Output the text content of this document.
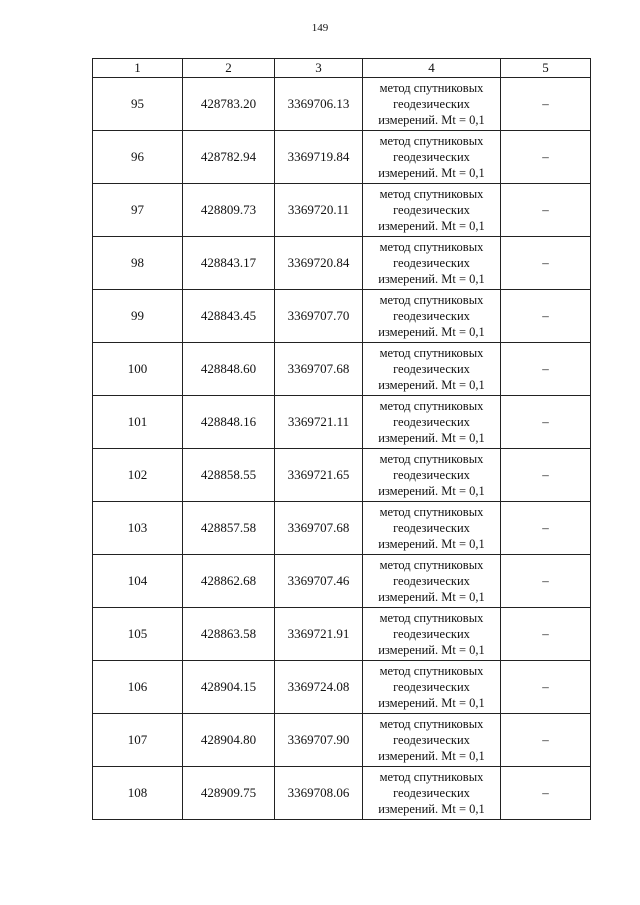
149
1	2	3	4	5
95	428783.20	3369706.13	метод спутниковых
геодезических
измерений. Mt = 0,1	–
96	428782.94	3369719.84	метод спутниковых
геодезических
измерений. Mt = 0,1	–
97	428809.73	3369720.11	метод спутниковых
геодезических
измерений. Mt = 0,1	–
98	428843.17	3369720.84	метод спутниковых
геодезических
измерений. Mt = 0,1	–
99	428843.45	3369707.70	метод спутниковых
геодезических
измерений. Mt = 0,1	–
100	428848.60	3369707.68	метод спутниковых
геодезических
измерений. Mt = 0,1	–
101	428848.16	3369721.11	метод спутниковых
геодезических
измерений. Mt = 0,1	–
102	428858.55	3369721.65	метод спутниковых
геодезических
измерений. Mt = 0,1	–
103	428857.58	3369707.68	метод спутниковых
геодезических
измерений. Mt = 0,1	–
104	428862.68	3369707.46	метод спутниковых
геодезических
измерений. Mt = 0,1	–
105	428863.58	3369721.91	метод спутниковых
геодезических
измерений. Mt = 0,1	–
106	428904.15	3369724.08	метод спутниковых
геодезических
измерений. Mt = 0,1	–
107	428904.80	3369707.90	метод спутниковых
геодезических
измерений. Mt = 0,1	–
108	428909.75	3369708.06	метод спутниковых
геодезических
измерений. Mt = 0,1	–
